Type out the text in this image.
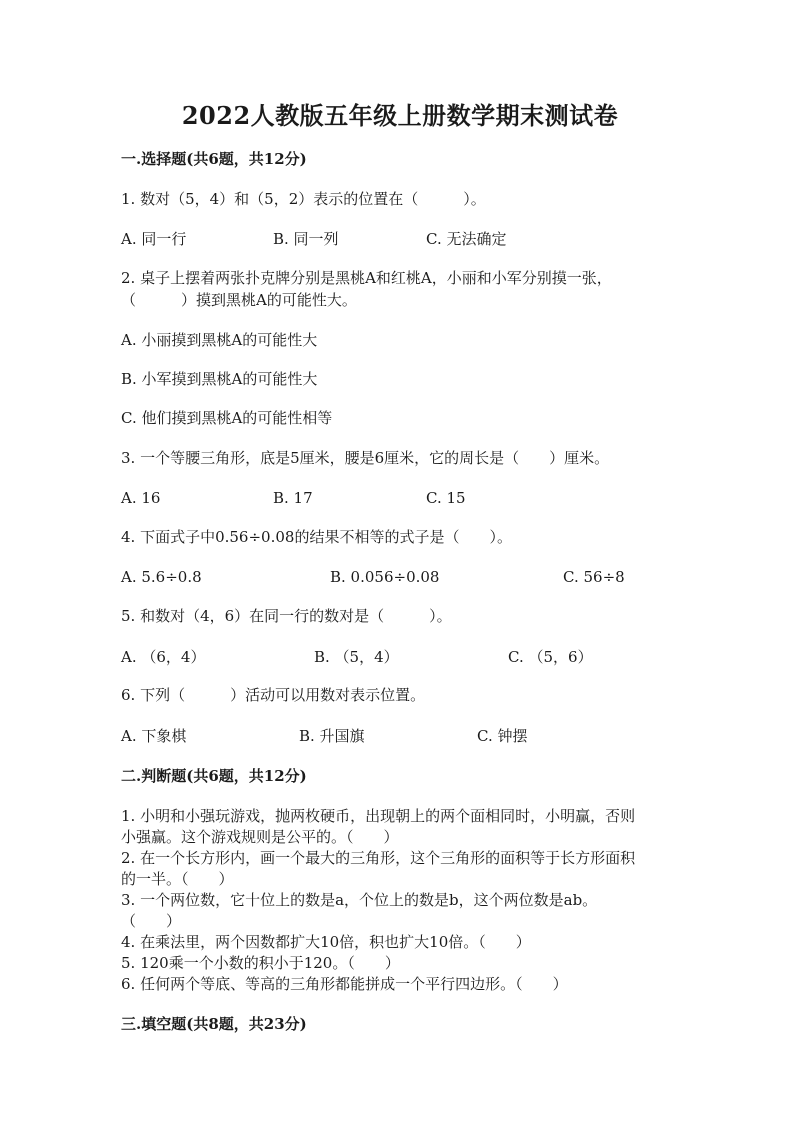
2022人教版五年级上册数学期末测试卷
一.选择题(共6题，共12分)
1. 数对（5，4）和（5，2）表示的位置在（　　　）。
A. 同一行	B. 同一列	C. 无法确定
2. 桌子上摆着两张扑克牌分别是黑桃A和红桃A，小丽和小军分别摸一张，
（　　　）摸到黑桃A的可能性大。
A. 小丽摸到黑桃A的可能性大
B. 小军摸到黑桃A的可能性大
C. 他们摸到黑桃A的可能性相等
3. 一个等腰三角形，底是5厘米，腰是6厘米，它的周长是（　　）厘米。
A. 16	B. 17	C. 15
4. 下面式子中0.56÷0.08的结果不相等的式子是（　　）。
A. 5.6÷0.8	B. 0.056÷0.08	C. 56÷8
5. 和数对（4，6）在同一行的数对是（　　　）。
A. （6，4）	B. （5，4）	C. （5，6）
6. 下列（　　　）活动可以用数对表示位置。
A. 下象棋	B. 升国旗	C. 钟摆
二.判断题(共6题，共12分)
1. 小明和小强玩游戏，抛两枚硬币，出现朝上的两个面相同时，小明赢，否则
小强赢。这个游戏规则是公平的。（　　）
2. 在一个长方形内，画一个最大的三角形，这个三角形的面积等于长方形面积
的一半。（　　）
3. 一个两位数，它十位上的数是a，个位上的数是b，这个两位数是ab。
（　　）
4. 在乘法里，两个因数都扩大10倍，积也扩大10倍。（　　）
5. 120乘一个小数的积小于120。（　　）
6. 任何两个等底、等高的三角形都能拼成一个平行四边形。（　　）
三.填空题(共8题，共23分)
